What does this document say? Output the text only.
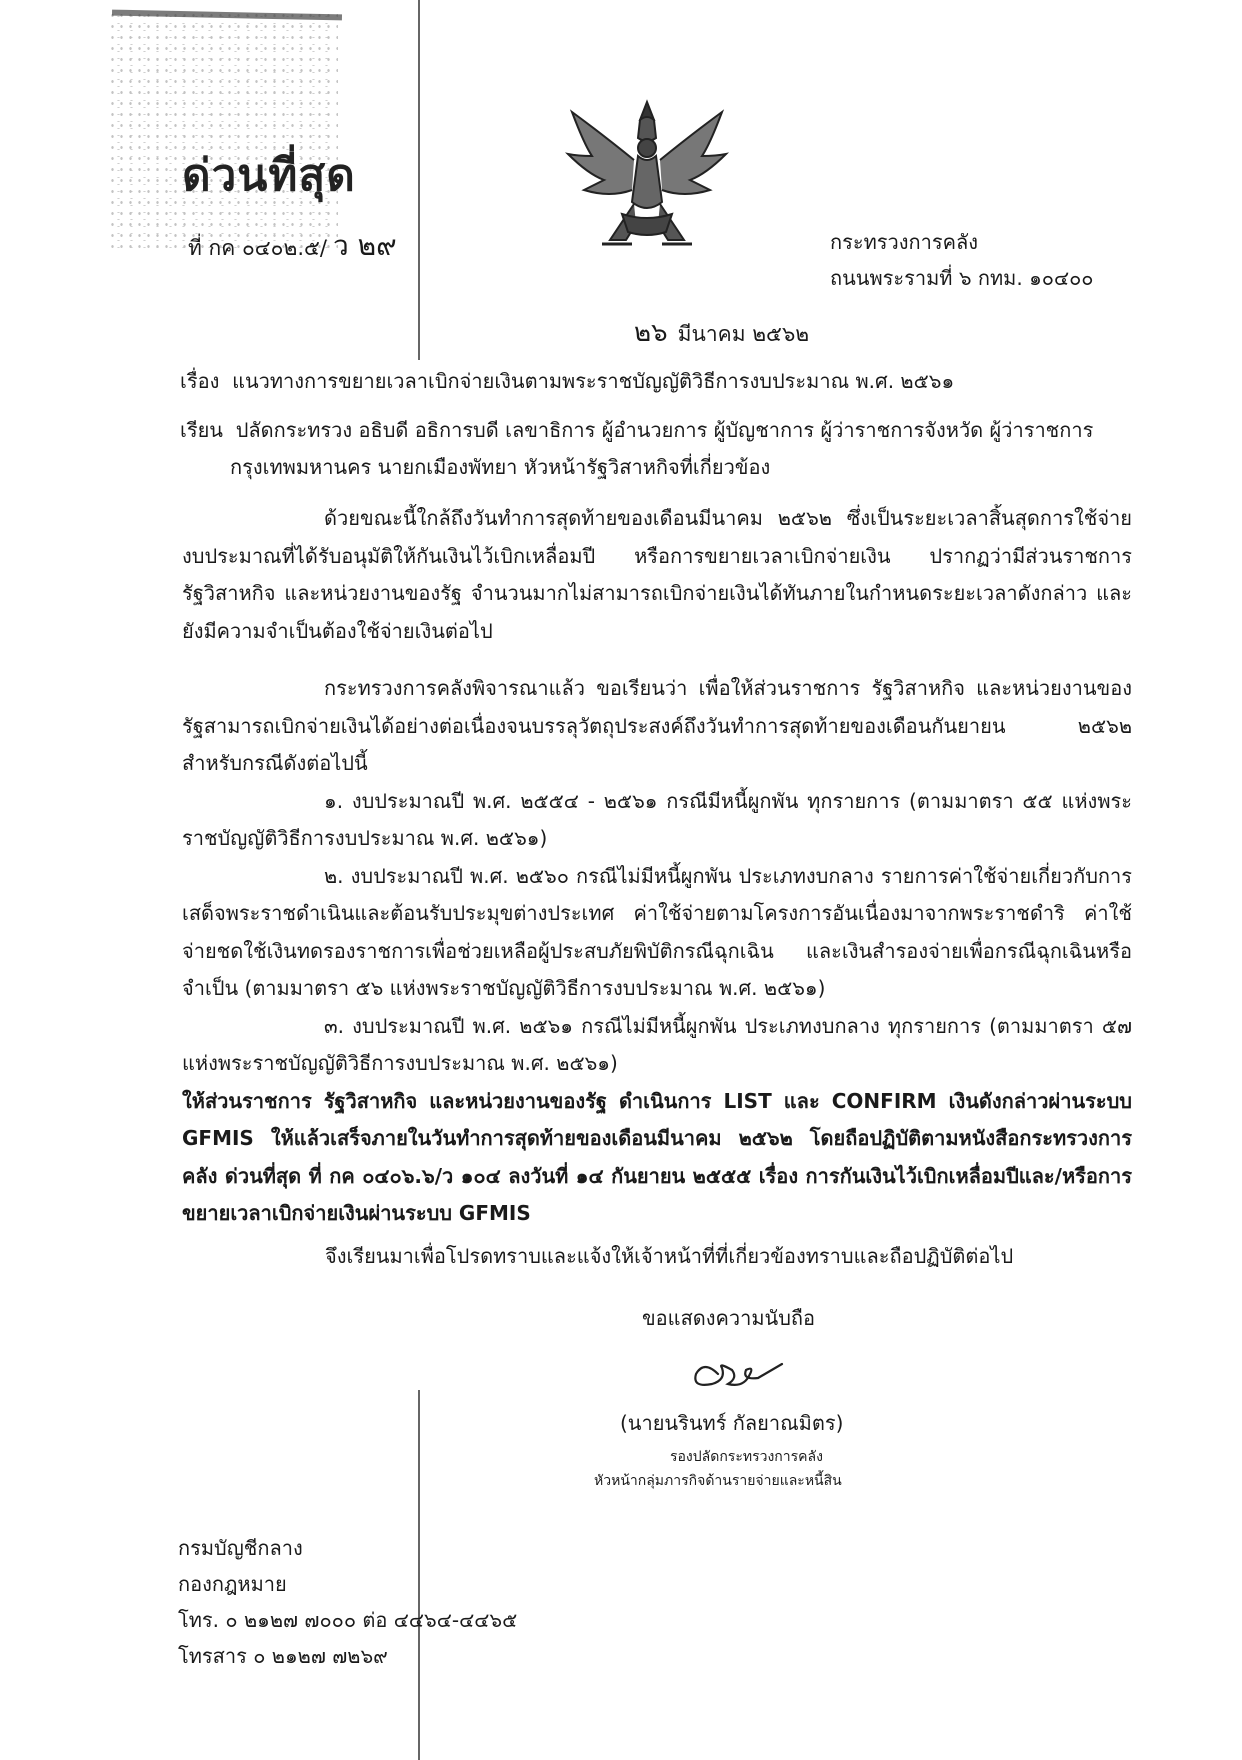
ด่วนที่สุด
ที่ กค ๐๔๐๒.๕/ ว ๒๙	กระทรวงการคลัง
ถนนพระรามที่ ๖ กทม. ๑๐๔๐๐
๒๖ มีนาคม ๒๕๖๒
เรื่อง แนวทางการขยายเวลาเบิกจ่ายเงินตามพระราชบัญญัติวิธีการงบประมาณ พ.ศ. ๒๕๖๑
เรียน ปลัดกระทรวง อธิบดี อธิการบดี เลขาธิการ ผู้อำนวยการ ผู้บัญชาการ ผู้ว่าราชการจังหวัด ผู้ว่าราชการ
กรุงเทพมหานคร นายกเมืองพัทยา หัวหน้ารัฐวิสาหกิจที่เกี่ยวข้อง

ด้วยขณะนี้ใกล้ถึงวันทำการสุดท้ายของเดือนมีนาคม ๒๕๖๒ ซึ่งเป็นระยะเวลาสิ้นสุดการใช้จ่ายงบประมาณที่ได้รับอนุมัติให้กันเงินไว้เบิกเหลื่อมปี หรือการขยายเวลาเบิกจ่ายเงิน ปรากฏว่ามีส่วนราชการ รัฐวิสาหกิจ และหน่วยงานของรัฐ จำนวนมากไม่สามารถเบิกจ่ายเงินได้ทันภายในกำหนดระยะเวลาดังกล่าว และยังมีความจำเป็นต้องใช้จ่ายเงินต่อไป

กระทรวงการคลังพิจารณาแล้ว ขอเรียนว่า เพื่อให้ส่วนราชการ รัฐวิสาหกิจ และหน่วยงานของรัฐสามารถเบิกจ่ายเงินได้อย่างต่อเนื่องจนบรรลุวัตถุประสงค์ถึงวันทำการสุดท้ายของเดือนกันยายน ๒๕๖๒ สำหรับกรณีดังต่อไปนี้

๑. งบประมาณปี พ.ศ. ๒๕๕๔ - ๒๕๖๑ กรณีมีหนี้ผูกพัน ทุกรายการ (ตามมาตรา ๕๕ แห่งพระราชบัญญัติวิธีการงบประมาณ พ.ศ. ๒๕๖๑)

๒. งบประมาณปี พ.ศ. ๒๕๖๐ กรณีไม่มีหนี้ผูกพัน ประเภทงบกลาง รายการค่าใช้จ่ายเกี่ยวกับการเสด็จพระราชดำเนินและต้อนรับประมุขต่างประเทศ ค่าใช้จ่ายตามโครงการอันเนื่องมาจากพระราชดำริ ค่าใช้จ่ายชดใช้เงินทดรองราชการเพื่อช่วยเหลือผู้ประสบภัยพิบัติกรณีฉุกเฉิน และเงินสำรองจ่ายเพื่อกรณีฉุกเฉินหรือจำเป็น (ตามมาตรา ๕๖ แห่งพระราชบัญญัติวิธีการงบประมาณ พ.ศ. ๒๕๖๑)

๓. งบประมาณปี พ.ศ. ๒๕๖๑ กรณีไม่มีหนี้ผูกพัน ประเภทงบกลาง ทุกรายการ (ตามมาตรา ๕๗ แห่งพระราชบัญญัติวิธีการงบประมาณ พ.ศ. ๒๕๖๑)

ให้ส่วนราชการ รัฐวิสาหกิจ และหน่วยงานของรัฐ ดำเนินการ LIST และ CONFIRM เงินดังกล่าวผ่านระบบ GFMIS ให้แล้วเสร็จภายในวันทำการสุดท้ายของเดือนมีนาคม ๒๕๖๒ โดยถือปฏิบัติตามหนังสือกระทรวงการคลัง ด่วนที่สุด ที่ กค ๐๔๐๖.๖/ว ๑๐๔ ลงวันที่ ๑๔ กันยายน ๒๕๕๕ เรื่อง การกันเงินไว้เบิกเหลื่อมปีและ/หรือการขยายเวลาเบิกจ่ายเงินผ่านระบบ GFMIS

จึงเรียนมาเพื่อโปรดทราบและแจ้งให้เจ้าหน้าที่ที่เกี่ยวข้องทราบและถือปฏิบัติต่อไป
ขอแสดงความนับถือ
(นายนรินทร์ กัลยาณมิตร)
รองปลัดกระทรวงการคลัง
หัวหน้ากลุ่มภารกิจด้านรายจ่ายและหนี้สิน
กรมบัญชีกลาง
กองกฎหมาย
โทร. ๐ ๒๑๒๗ ๗๐๐๐ ต่อ ๔๔๖๔-๔๔๖๕
โทรสาร ๐ ๒๑๒๗ ๗๒๖๙
